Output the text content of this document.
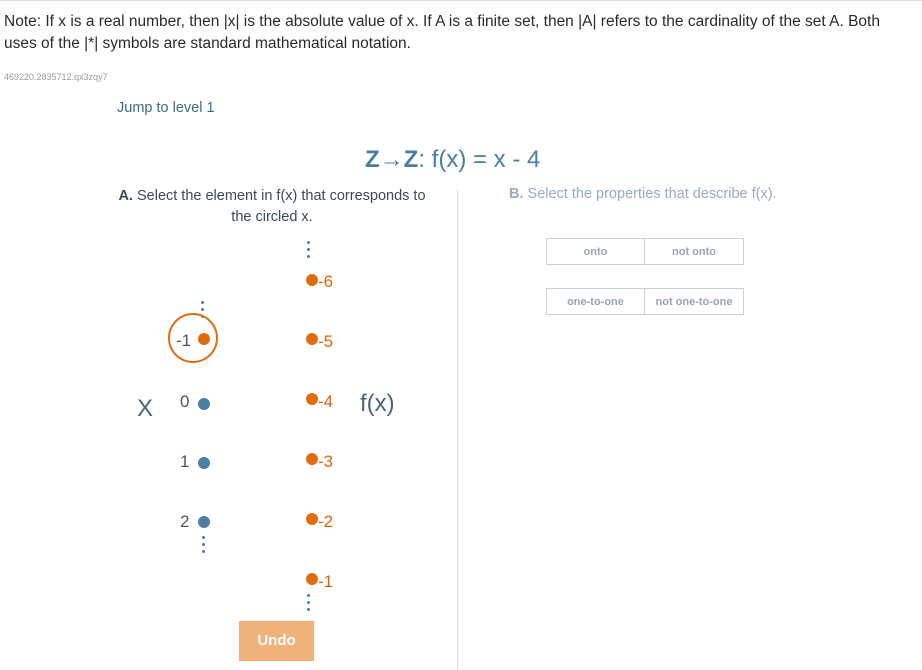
Note: If x is a real number, then |x| is the absolute value of x. If A is a finite set, then |A| refers to the cardinality of the set A. Both uses of the |*| symbols are standard mathematical notation.
469220.2835712.qx3zqy7
Jump to level 1
Z→Z: f(x) = x - 4
A. Select the element in f(x) that corresponds to the circled x.
B. Select the properties that describe f(x).
onto	not onto
one-to-one	not one-to-one
X
-1
0
1
2
-6
-5
-4
-3
-2
-1
f(x)
Undo
